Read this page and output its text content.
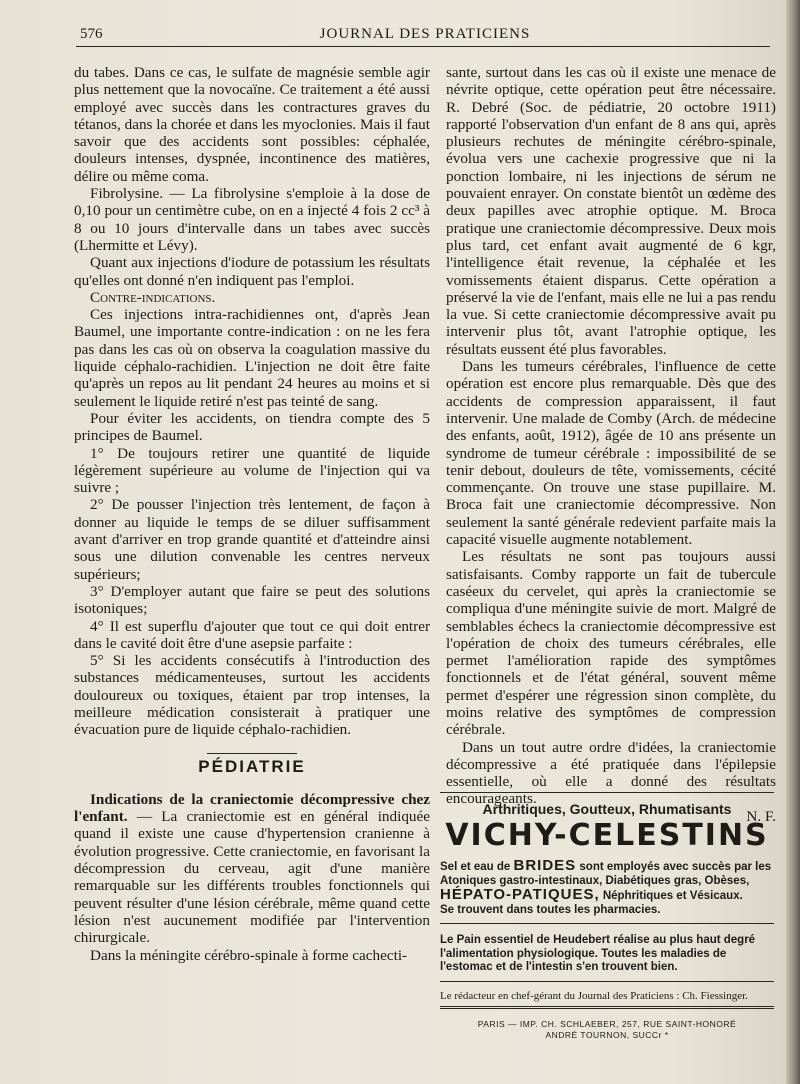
576	JOURNAL DES PRATICIENS

du tabes. Dans ce cas, le sulfate de magnésie semble agir plus nettement que la novocaïne. Ce traitement a été aussi employé avec succès dans les contractures graves du tétanos, dans la chorée et dans les myoclonies. Mais il faut savoir que des accidents sont possibles: céphalée, douleurs intenses, dyspnée, incontinence des matières, délire ou même coma.

Fibrolysine. — La fibrolysine s'emploie à la dose de 0,10 pour un centimètre cube, on en a injecté 4 fois 2 cc³ à 8 ou 10 jours d'intervalle dans un tabes avec succès (Lhermitte et Lévy).

Quant aux injections d'iodure de potassium les résultats qu'elles ont donné n'en indiquent pas l'emploi.

Contre-indications.

Ces injections intra-rachidiennes ont, d'après Jean Baumel, une importante contre-indication : on ne les fera pas dans les cas où on observa la coagulation massive du liquide céphalo-rachidien. L'injection ne doit être faite qu'après un repos au lit pendant 24 heures au moins et si seulement le liquide retiré n'est pas teinté de sang.

Pour éviter les accidents, on tiendra compte des 5 principes de Baumel.

1° De toujours retirer une quantité de liquide légèrement supérieure au volume de l'injection qui va suivre ;

2° De pousser l'injection très lentement, de façon à donner au liquide le temps de se diluer suffisamment avant d'arriver en trop grande quantité et d'atteindre ainsi sous une dilution convenable les centres nerveux supérieurs;

3° D'employer autant que faire se peut des solutions isotoniques;

4° Il est superflu d'ajouter que tout ce qui doit entrer dans le cavité doit être d'une asepsie parfaite :

5° Si les accidents consécutifs à l'introduction des substances médicamenteuses, surtout les accidents douloureux ou toxiques, étaient par trop intenses, la meilleure médication consisterait à pratiquer une évacuation pure de liquide céphalo-rachidien.

PÉDIATRIE

Indications de la craniectomie décompressive chez l'enfant. — La craniectomie est en général indiquée quand il existe une cause d'hypertension cranienne à évolution progressive. Cette craniectomie, en favorisant la décompression du cerveau, agit d'une manière remarquable sur les différents troubles fonctionnels qui peuvent résulter d'une lésion cérébrale, même quand cette lésion n'est aucunement modifiée par l'intervention chirurgicale.

Dans la méningite cérébro-spinale à forme cachecti-

sante, surtout dans les cas où il existe une menace de névrite optique, cette opération peut être nécessaire. R. Debré (Soc. de pédiatrie, 20 octobre 1911) rapporté l'observation d'un enfant de 8 ans qui, après plusieurs rechutes de méningite cérébro-spinale, évolua vers une cachexie progressive que ni la ponction lombaire, ni les injections de sérum ne pouvaient enrayer. On constate bientôt un œdème des deux papilles avec atrophie optique. M. Broca pratique une craniectomie décompressive. Deux mois plus tard, cet enfant avait augmenté de 6 kgr, l'intelligence était revenue, la céphalée et les vomissements étaient disparus. Cette opération a préservé la vie de l'enfant, mais elle ne lui a pas rendu la vue. Si cette craniectomie décompressive avait pu intervenir plus tôt, avant l'atrophie optique, les résultats eussent été plus favorables.

Dans les tumeurs cérébrales, l'influence de cette opération est encore plus remarquable. Dès que des accidents de compression apparaissent, il faut intervenir. Une malade de Comby (Arch. de médecine des enfants, août, 1912), âgée de 10 ans présente un syndrome de tumeur cérébrale : impossibilité de se tenir debout, douleurs de tête, vomissements, cécité commençante. On trouve une stase pupillaire. M. Broca fait une craniectomie décompressive. Non seulement la santé générale redevient parfaite mais la capacité visuelle augmente notablement.

Les résultats ne sont pas toujours aussi satisfaisants. Comby rapporte un fait de tubercule caséeux du cervelet, qui après la craniectomie se compliqua d'une méningite suivie de mort. Malgré de semblables échecs la craniectomie décompressive est l'opération de choix des tumeurs cérébrales, elle permet l'amélioration rapide des symptômes fonctionnels et de l'état général, souvent même permet d'espérer une régression sinon complète, du moins relative des symptômes de compression cérébrale.

Dans un tout autre ordre d'idées, la craniectomie décompressive a été pratiquée dans l'épilepsie essentielle, où elle a donné des résultats encourageants.

N. F.

Arthritiques, Goutteux, Rhumatisants
VICHY-CELESTINS
Sel et eau de BRIDES sont employés avec succès par les
Atoniques gastro-intestinaux, Diabétiques gras, Obèses,
HÉPATO-PATIQUES, Néphritiques et Vésicaux.
Se trouvent dans toutes les pharmacies.
Le Pain essentiel de Heudebert réalise au plus haut degré l'alimentation physiologique. Toutes les maladies de l'estomac et de l'intestin s'en trouvent bien.
Le rédacteur en chef-gérant du Journal des Praticiens : Ch. Fiessinger.
PARIS — IMP. CH. SCHLAEBER, 257, RUE SAINT-HONORÉ
ANDRÉ TOURNON, SUCCr *
